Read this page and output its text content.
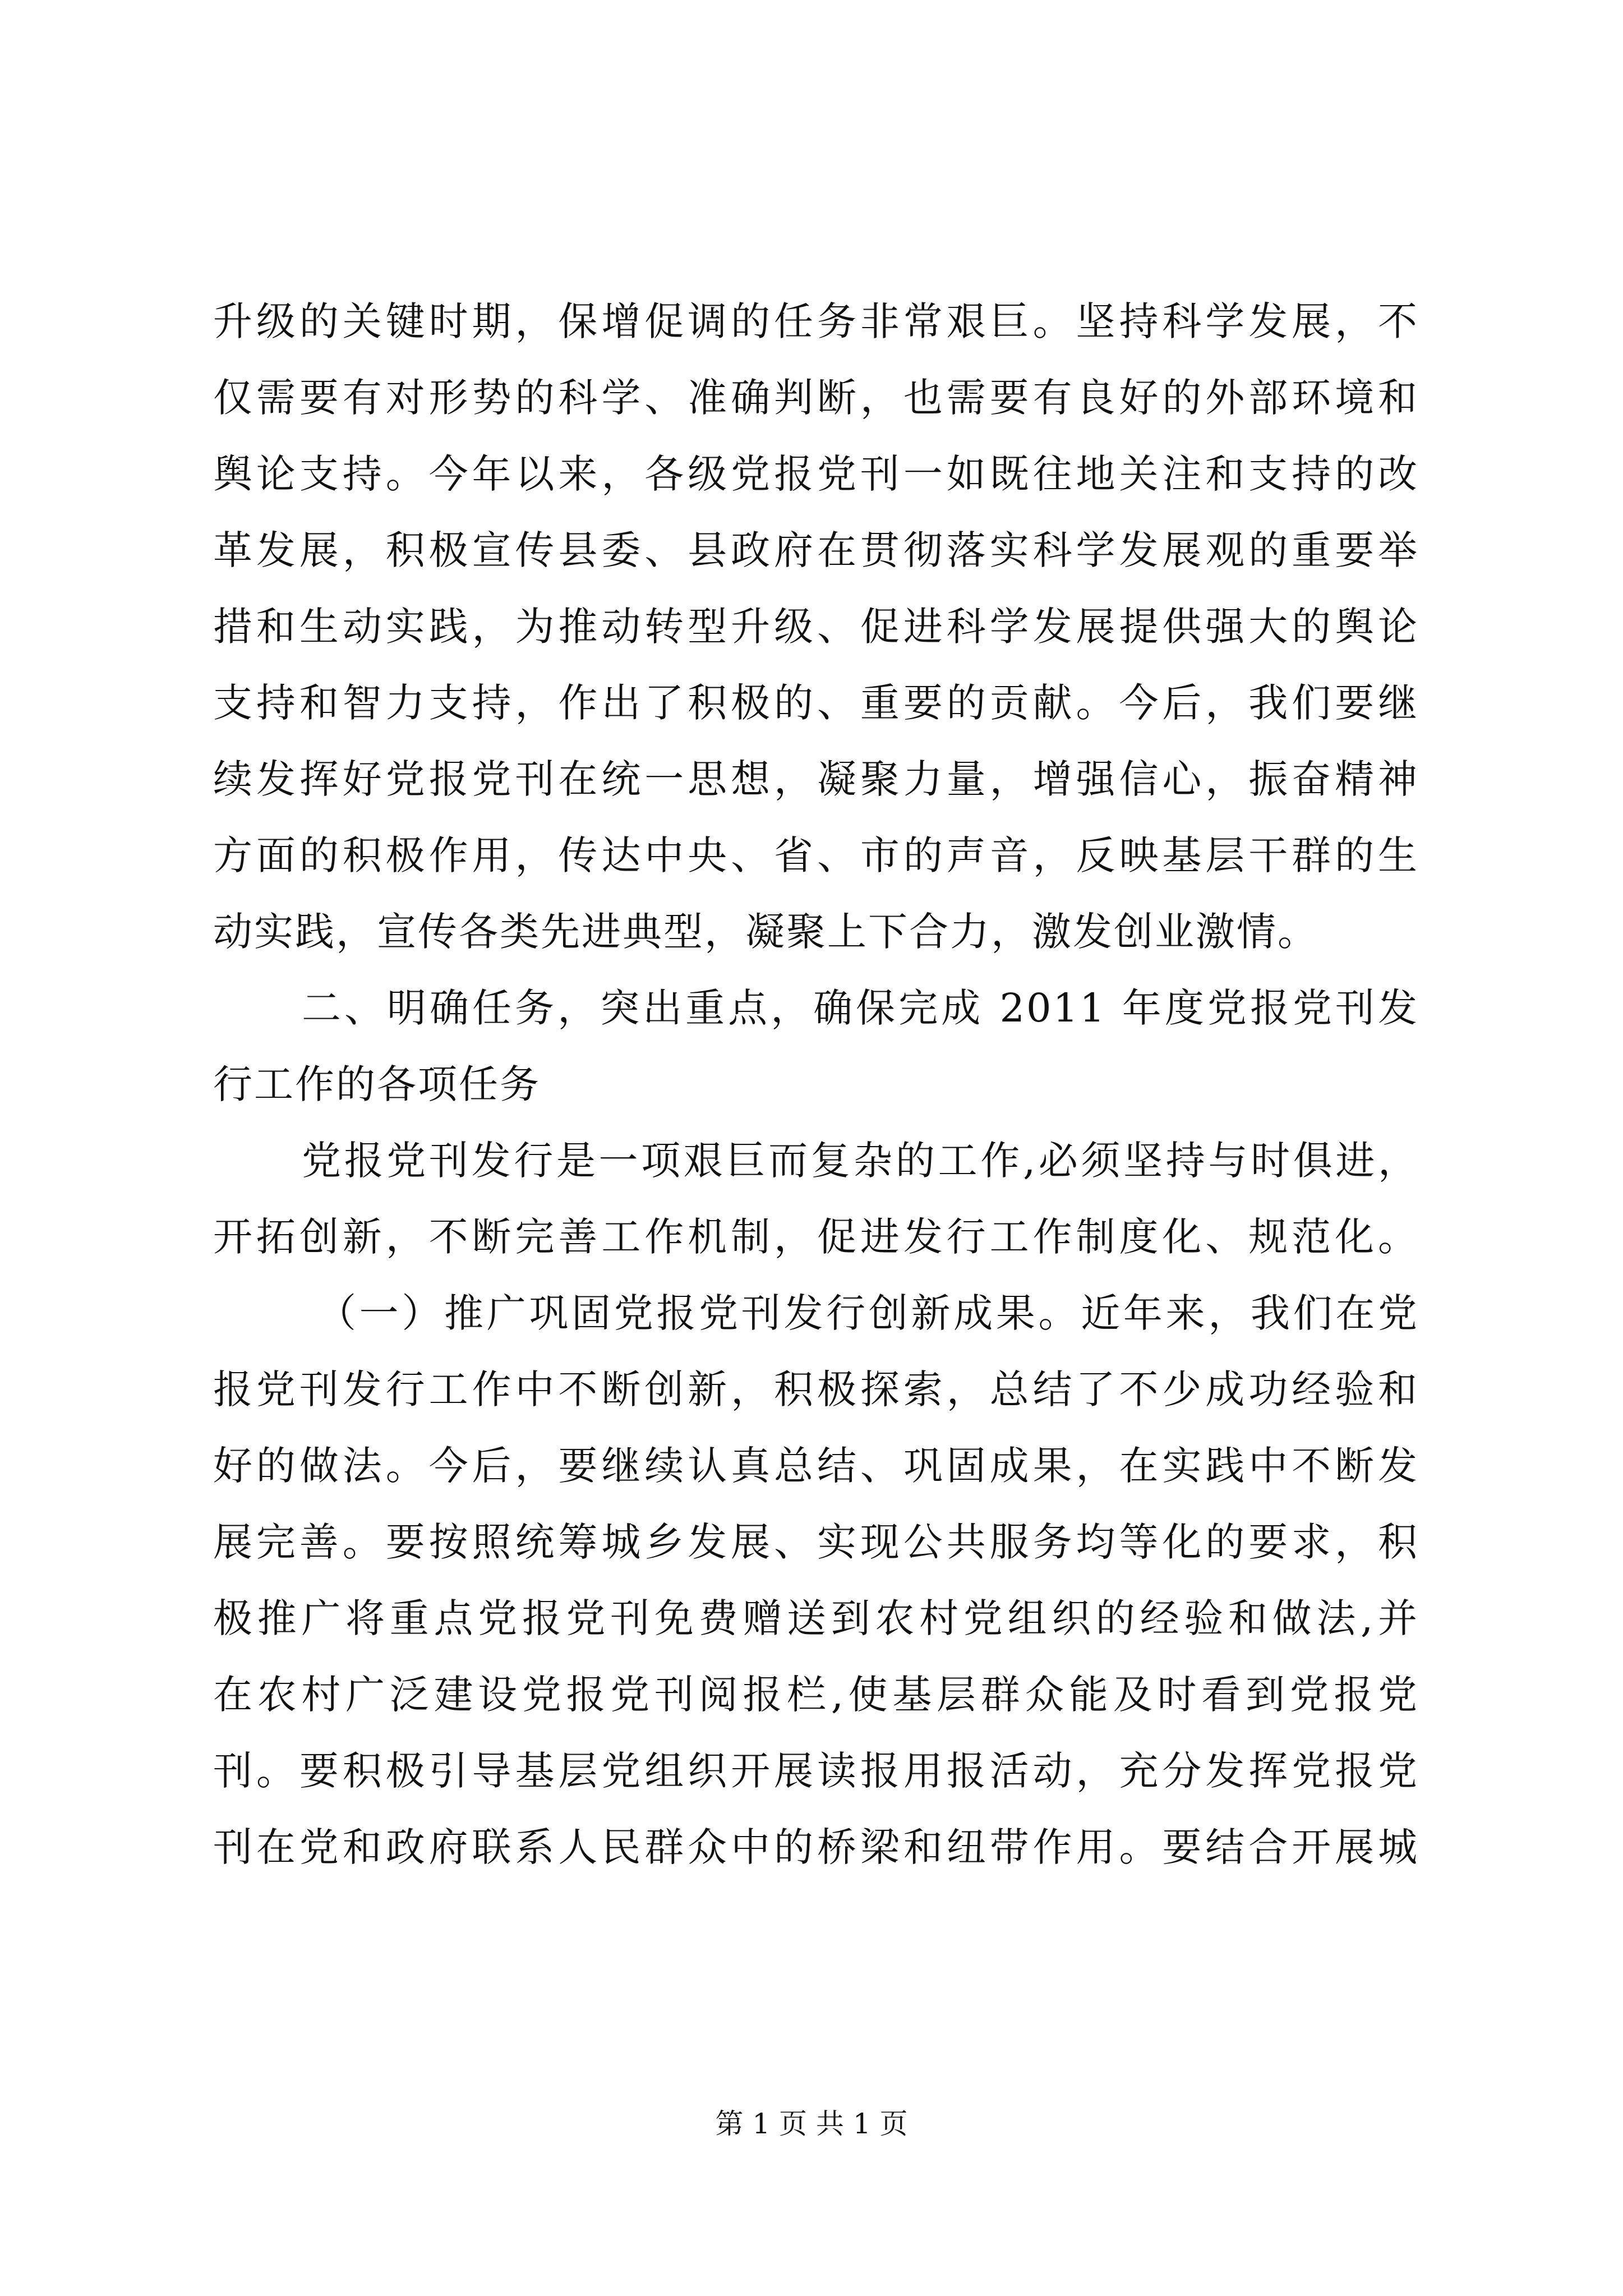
升级的关键时期，保增促调的任务非常艰巨。坚持科学发展，不
仅需要有对形势的科学、准确判断，也需要有良好的外部环境和
舆论支持。今年以来，各级党报党刊一如既往地关注和支持的改
革发展，积极宣传县委、县政府在贯彻落实科学发展观的重要举
措和生动实践，为推动转型升级、促进科学发展提供强大的舆论
支持和智力支持，作出了积极的、重要的贡献。今后，我们要继
续发挥好党报党刊在统一思想，凝聚力量，增强信心，振奋精神
方面的积极作用，传达中央、省、市的声音，反映基层干群的生
动实践，宣传各类先进典型，凝聚上下合力，激发创业激情。
二、明确任务，突出重点，确保完成 2011 年度党报党刊发
行工作的各项任务
党报党刊发行是一项艰巨而复杂的工作,必须坚持与时俱进，
开拓创新，不断完善工作机制，促进发行工作制度化、规范化。
（一）推广巩固党报党刊发行创新成果。近年来，我们在党
报党刊发行工作中不断创新，积极探索，总结了不少成功经验和
好的做法。今后，要继续认真总结、巩固成果，在实践中不断发
展完善。要按照统筹城乡发展、实现公共服务均等化的要求，积
极推广将重点党报党刊免费赠送到农村党组织的经验和做法,并
在农村广泛建设党报党刊阅报栏,使基层群众能及时看到党报党
刊。要积极引导基层党组织开展读报用报活动，充分发挥党报党
刊在党和政府联系人民群众中的桥梁和纽带作用。要结合开展城
第 1 页 共 1 页
